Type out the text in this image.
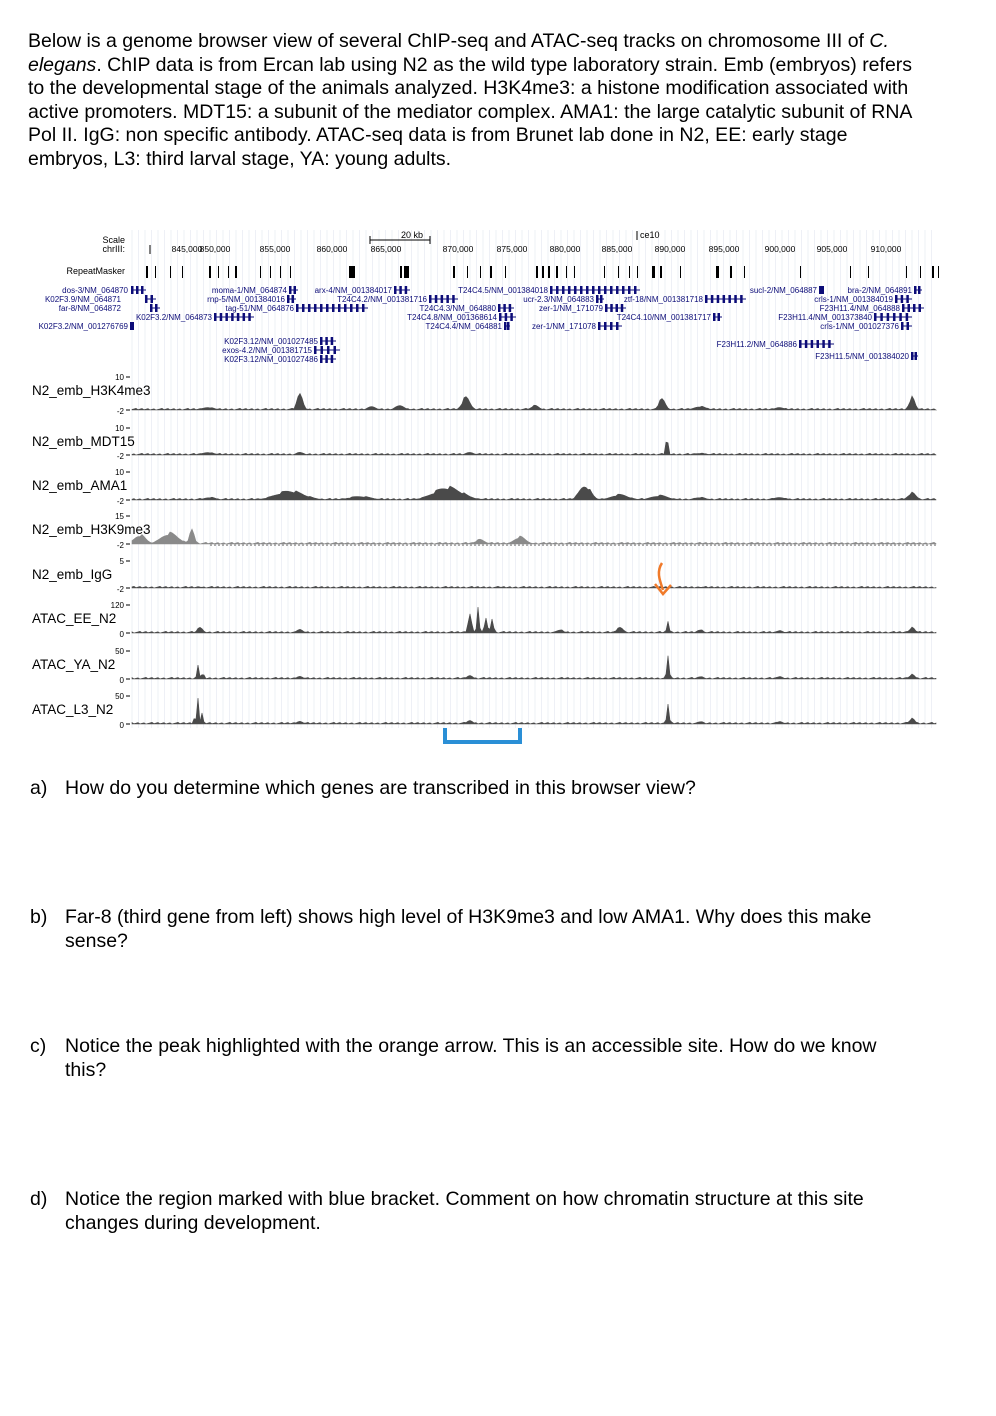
Below is a genome browser view of several ChIP-seq and ATAC-seq tracks on chromosome III of C. elegans. ChIP data is from Ercan lab using N2 as the wild type laboratory strain. Emb (embryos) refers to the developmental stage of the animals analyzed. H3K4me3: a histone modification associated with active promoters. MDT15: a subunit of the mediator complex. AMA1: the large catalytic subunit of RNA Pol II. IgG: non specific antibody. ATAC-seq data is from Brunet lab done in N2, EE: early stage embryos, L3: third larval stage, YA: young adults.

Scale
chrIII:
20 kb	ce10
845,000
850,000	855,000	860,000	865,000	870,000	875,000	880,000	885,000	890,000	895,000	900,000	905,000	910,000
RepeatMasker
dos-3/NM_064870
K02F3.9/NM_064871
far-8/NM_064872
K02F3.2/NM_064873
K02F3.2/NM_001276769
moma-1/NM_064874
rnp-5/NM_001384016
tag-51/NM_064876
arx-4/NM_001384017
K02F3.12/NM_001027485
exos-4.2/NM_001381715
K02F3.12/NM_001027486
T24C4.2/NM_001381716
T24C4.5/NM_001384018
T24C4.3/NM_064880
T24C4.8/NM_001368614
T24C4.4/NM_064881
ucr-2.3/NM_064883
zer-1/NM_171079
zer-1/NM_171078
ztf-18/NM_001381718
T24C4.10/NM_001381717
sucl-2/NM_064887
F23H11.2/NM_064886
bra-2/NM_064891
crls-1/NM_001384019
F23H11.4/NM_064888
F23H11.4/NM_001373840
crls-1/NM_001027376
F23H11.5/NM_001384020
N2_emb_H3K4me3
10
-2
N2_emb_MDT15
10
-2
N2_emb_AMA1
10
-2
N2_emb_H3K9me3
15
-2
N2_emb_IgG
5
-2
ATAC_EE_N2
120
0
ATAC_YA_N2
50
0
ATAC_L3_N2
50
0
a) How do you determine which genes are transcribed in this browser view?
b) Far-8 (third gene from left) shows high level of H3K9me3 and low AMA1. Why does this make sense?
c) Notice the peak highlighted with the orange arrow. This is an accessible site. How do we know this?
d) Notice the region marked with blue bracket. Comment on how chromatin structure at this site changes during development.
